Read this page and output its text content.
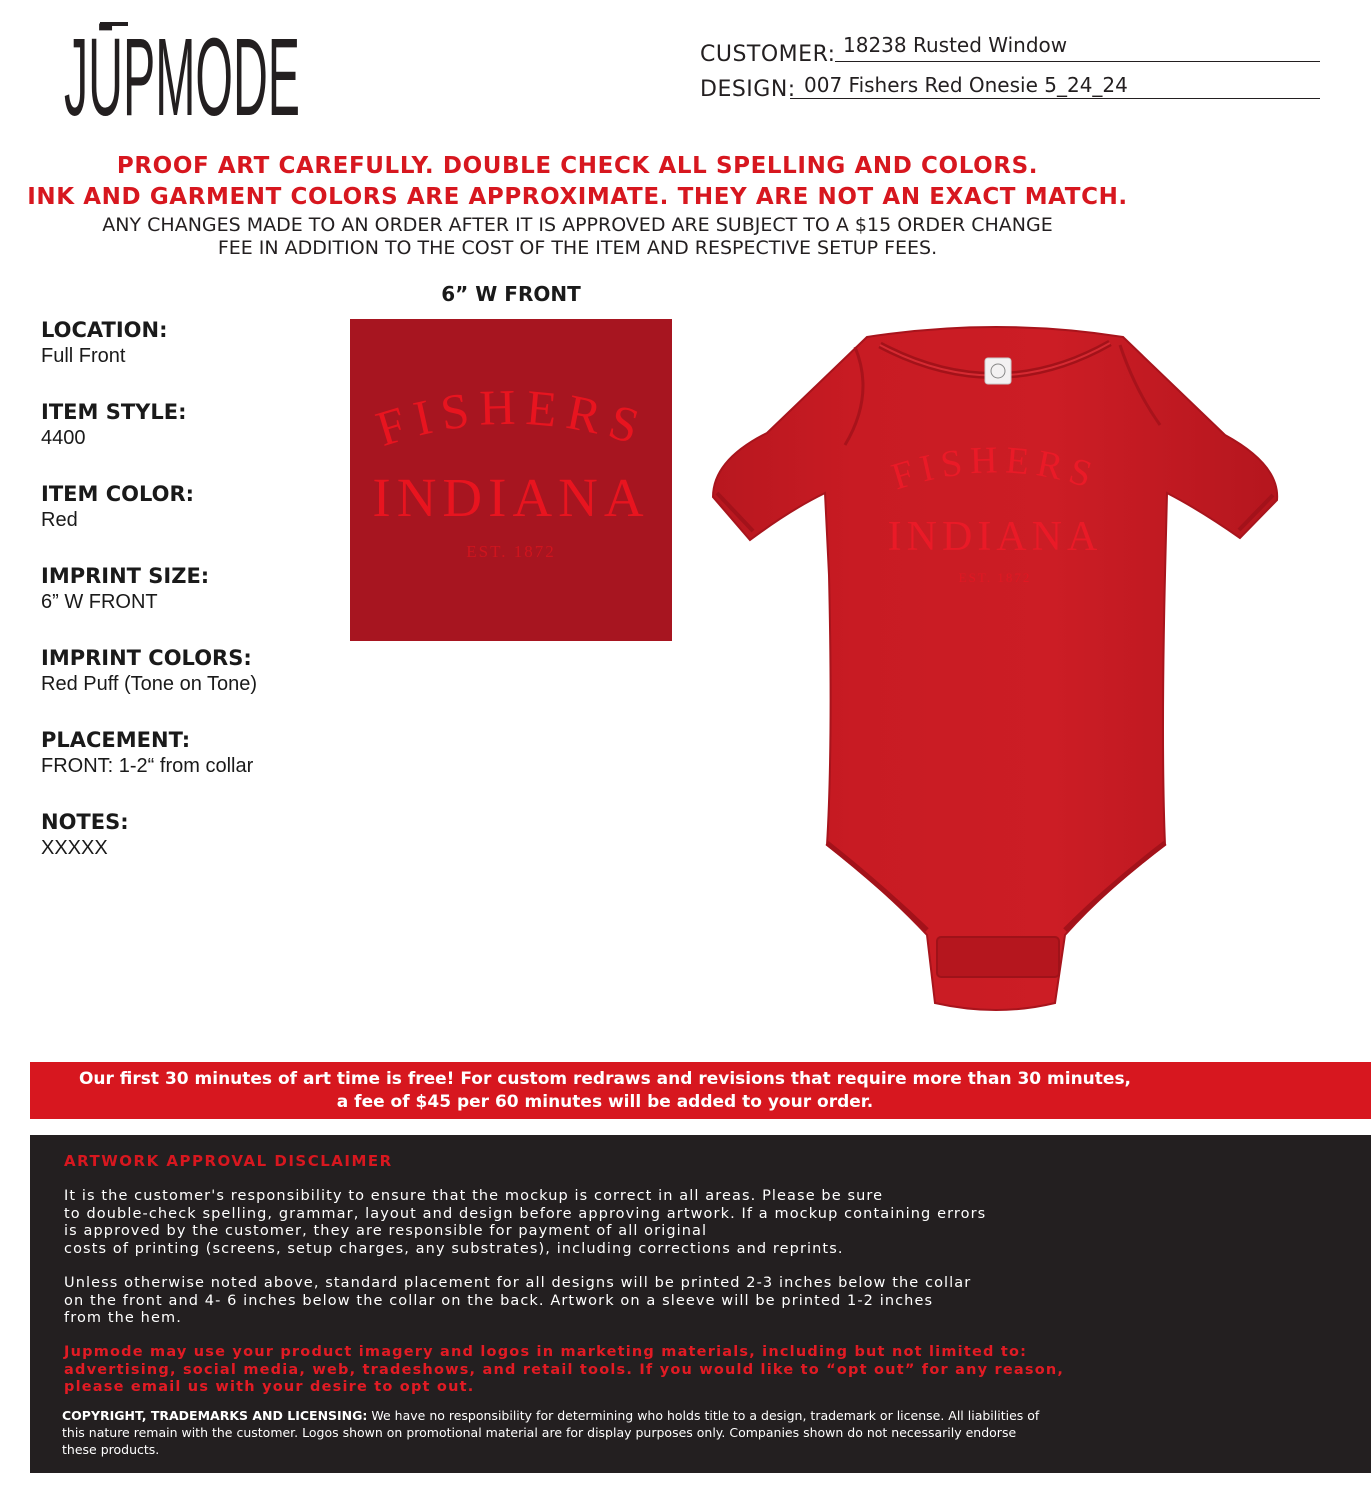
JŪPMODE	CUSTOMER: 18238 Rusted Window
DESIGN: 007 Fishers Red Onesie 5_24_24
PROOF ART CAREFULLY. DOUBLE CHECK ALL SPELLING AND COLORS.
INK AND GARMENT COLORS ARE APPROXIMATE. THEY ARE NOT AN EXACT MATCH.
ANY CHANGES MADE TO AN ORDER AFTER IT IS APPROVED ARE SUBJECT TO A $15 ORDER CHANGE
FEE IN ADDITION TO THE COST OF THE ITEM AND RESPECTIVE SETUP FEES.
LOCATION:
Full Front
ITEM STYLE:
4400
ITEM COLOR:
Red
IMPRINT SIZE:
6” W FRONT
IMPRINT COLORS:
Red Puff (Tone on Tone)
PLACEMENT:
FRONT: 1-2“ from collar
NOTES:
XXXXX
6” W FRONT
FISHERS
INDIANA
EST. 1872
FISHERS
INDIANA
EST. 1872
Our first 30 minutes of art time is free! For custom redraws and revisions that require more than 30 minutes,
a fee of $45 per 60 minutes will be added to your order.
ARTWORK APPROVAL DISCLAIMER
It is the customer's responsibility to ensure that the mockup is correct in all areas. Please be sure
to double-check spelling, grammar, layout and design before approving artwork. If a mockup containing errors
is approved by the customer, they are responsible for payment of all original
costs of printing (screens, setup charges, any substrates), including corrections and reprints.
Unless otherwise noted above, standard placement for all designs will be printed 2-3 inches below the collar
on the front and 4- 6 inches below the collar on the back. Artwork on a sleeve will be printed 1-2 inches
from the hem.
Jupmode may use your product imagery and logos in marketing materials, including but not limited to:
advertising, social media, web, tradeshows, and retail tools. If you would like to “opt out” for any reason,
please email us with your desire to opt out.
COPYRIGHT, TRADEMARKS AND LICENSING: We have no responsibility for determining who holds title to a design, trademark or license. All liabilities of
this nature remain with the customer. Logos shown on promotional material are for display purposes only. Companies shown do not necessarily endorse
these products.
